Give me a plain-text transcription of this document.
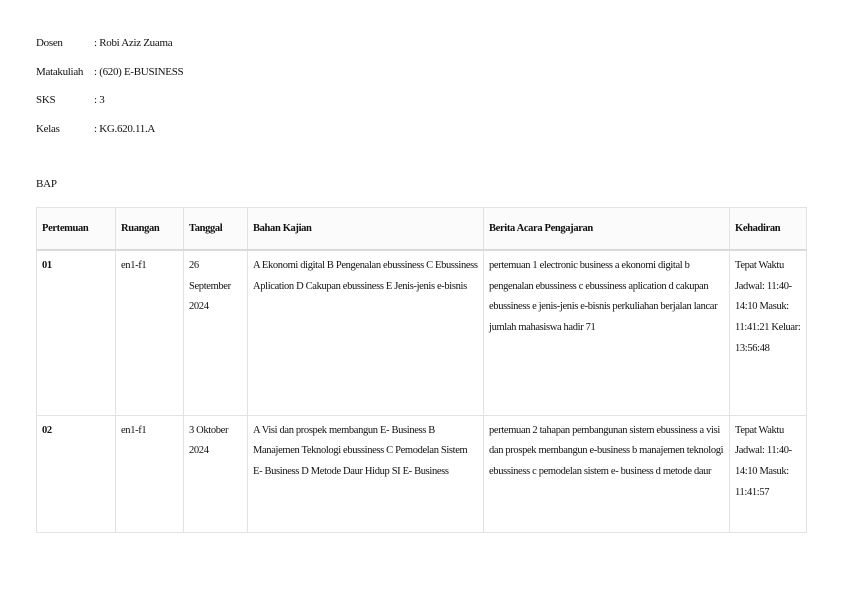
Dosen	: Robi Aziz Zuama
Matakuliah : (620) E-BUSINESS
SKS	: 3
Kelas	: KG.620.11.A
BAP
Pertemuan	Ruangan	Tanggal	Bahan Kajian	Berita Acara Pengajaran	Kehadiran
01	en1-f1	26 September 2024	A Ekonomi digital B Pengenalan ebussiness C Ebussiness Aplication D Cakupan ebussiness E Jenis-jenis e-bisnis	pertemuan 1 electronic business a ekonomi digital b pengenalan ebussiness c ebussiness aplication d cakupan ebussiness e jenis-jenis e-bisnis perkuliahan berjalan lancar jumlah mahasiswa hadir 71	Tepat Waktu Jadwal: 11:40-14:10 Masuk: 11:41:21 Keluar: 13:56:48
02	en1-f1	3 Oktober 2024	A Visi dan prospek membangun E- Business B Manajemen Teknologi ebussiness C Pemodelan Sistem E- Business D Metode Daur Hidup SI E- Business	pertemuan 2 tahapan pembangunan sistem ebussiness a visi dan prospek membangun e-business b manajemen teknologi ebussiness c pemodelan sistem e- business d metode daur	Tepat Waktu Jadwal: 11:40-14:10 Masuk: 11:41:57
